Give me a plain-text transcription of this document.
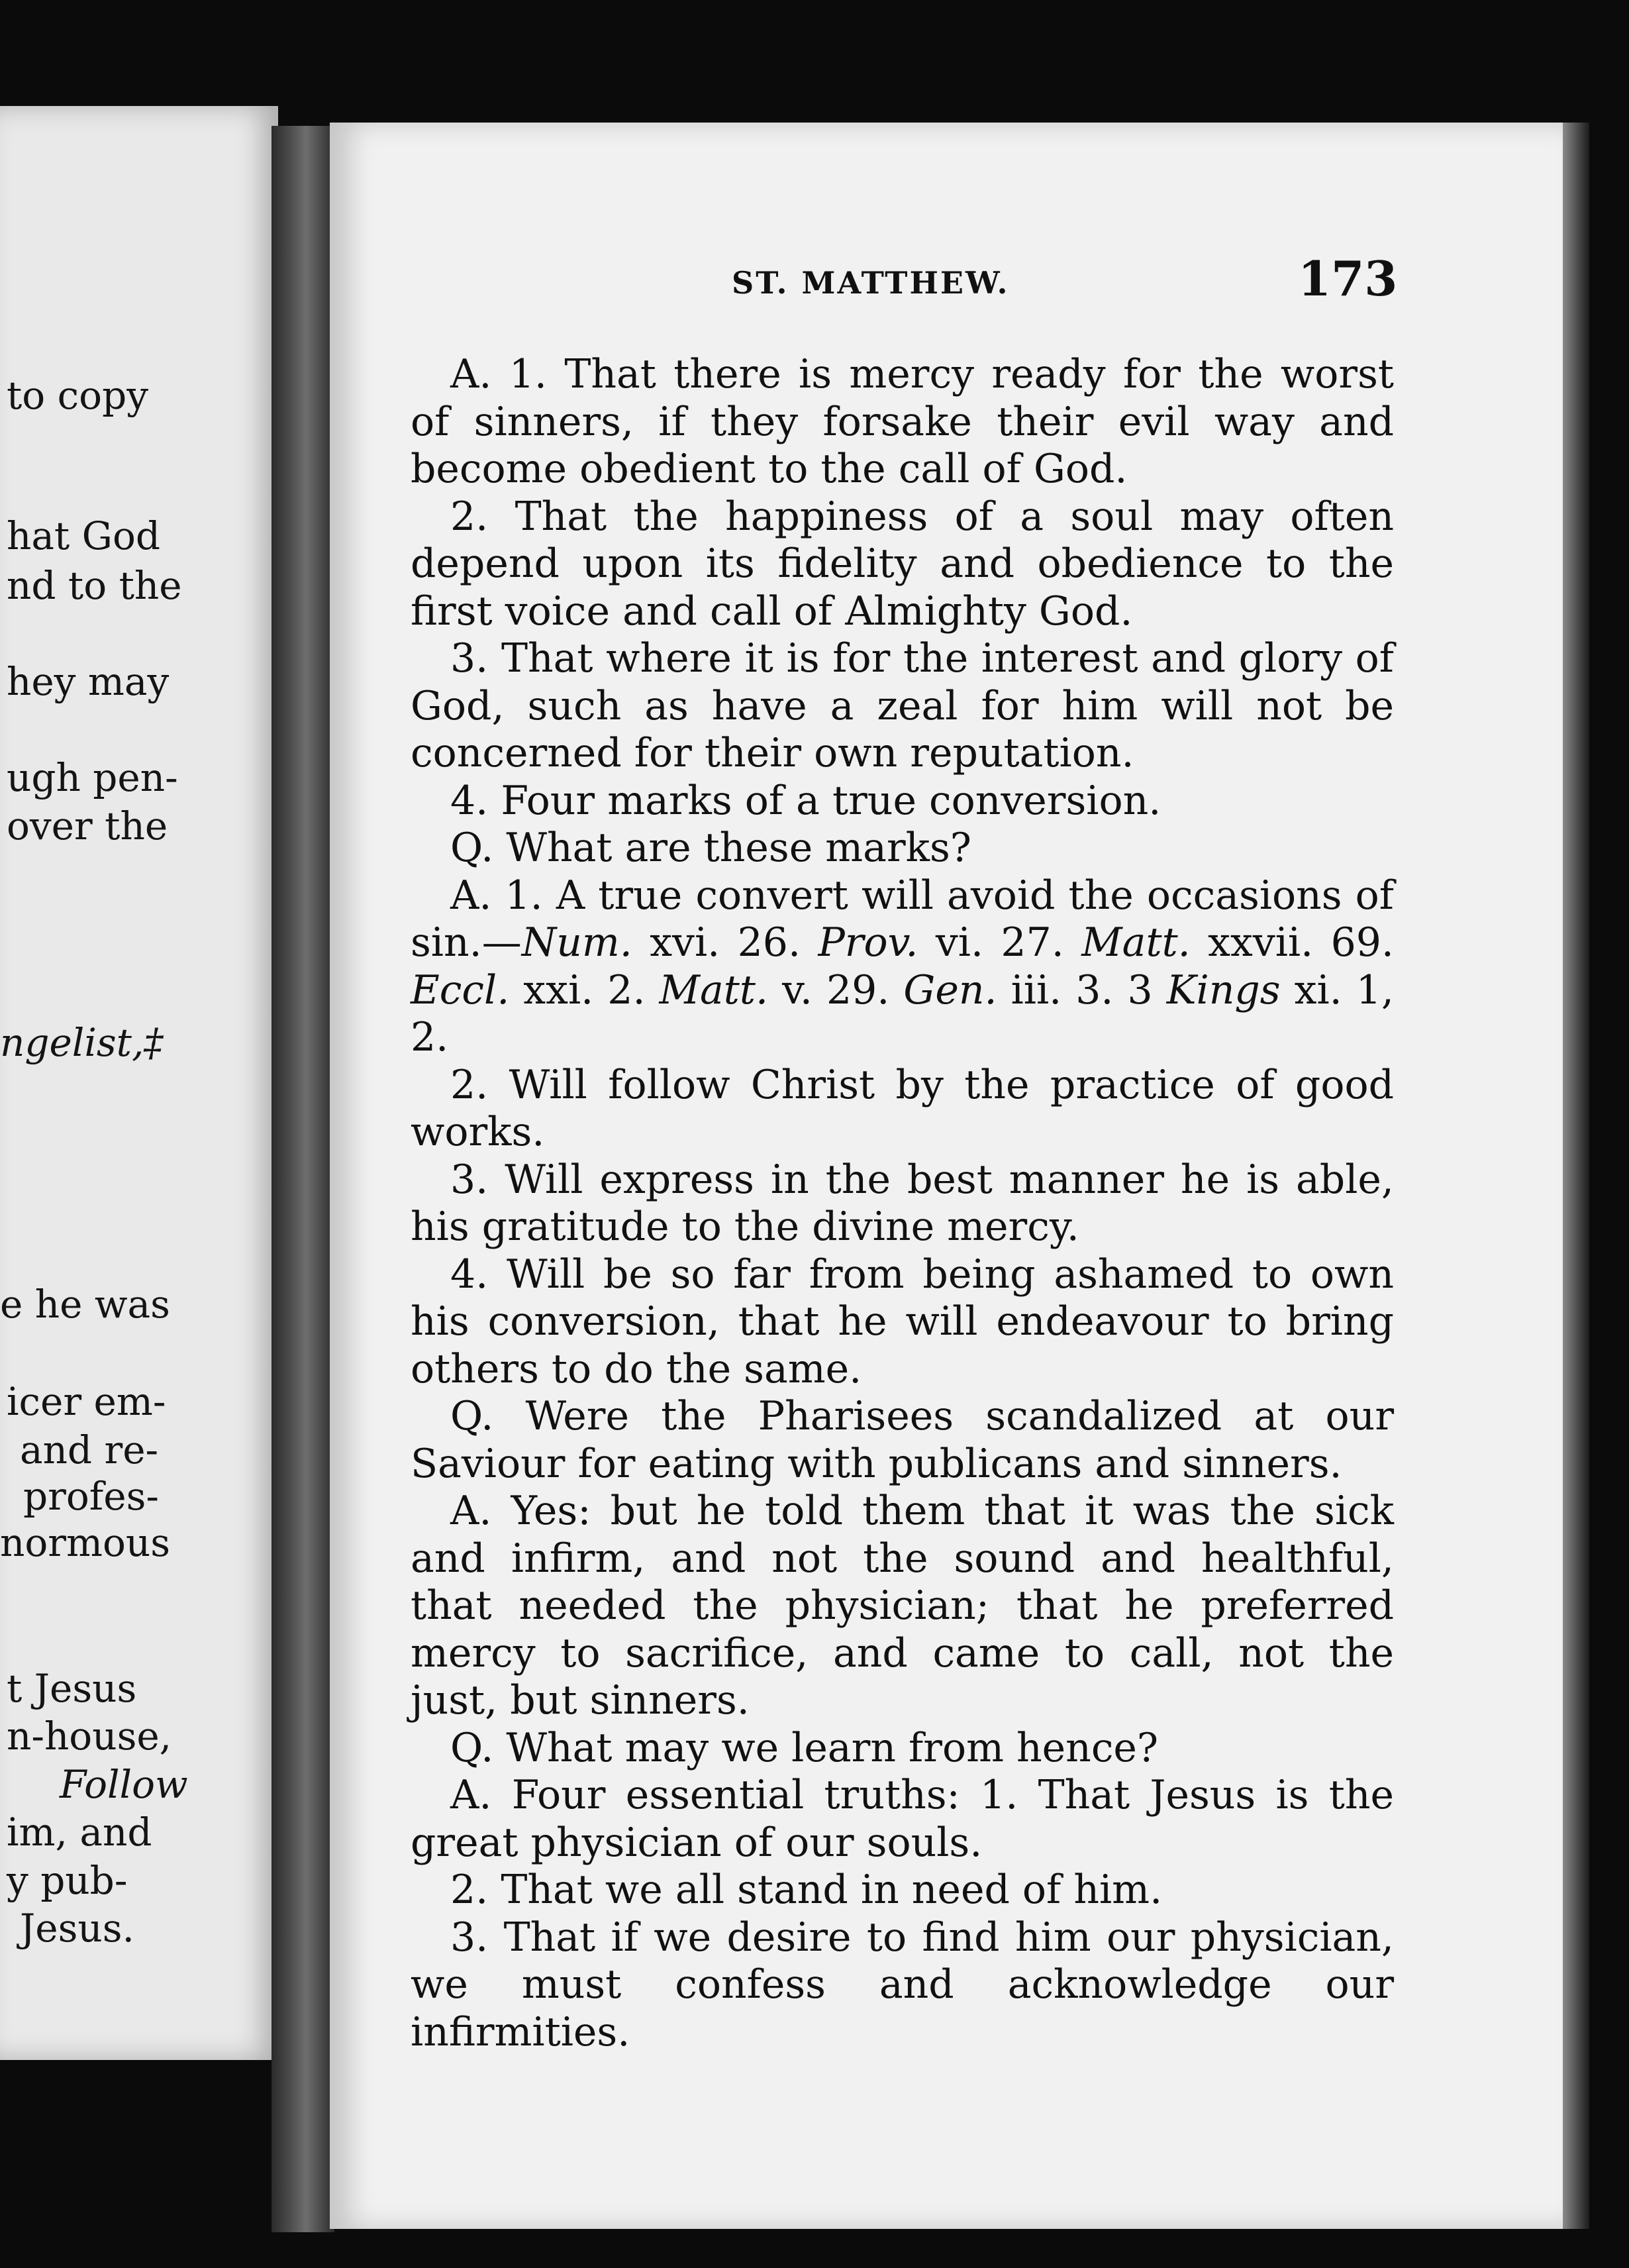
to copy
hat God
nd to the
hey may
ugh pen-
over the
ngelist,‡
e he was
icer em-
and re-
profes-
normous
t Jesus
n-house,
Follow
im, and
y pub-
Jesus.
ST. MATTHEW.	173

A. 1. That there is mercy ready for the worst of sinners, if they forsake their evil way and become obedient to the call of God.

2. That the happiness of a soul may often depend upon its fidelity and obedience to the first voice and call of Almighty God.

3. That where it is for the interest and glory of God, such as have a zeal for him will not be concerned for their own reputation.

4. Four marks of a true conversion.

Q. What are these marks?

A. 1. A true convert will avoid the occasions of sin.—Num. xvi. 26. Prov. vi. 27. Matt. xxvii. 69. Eccl. xxi. 2. Matt. v. 29. Gen. iii. 3. 3 Kings xi. 1, 2.

2. Will follow Christ by the practice of good works.

3. Will express in the best manner he is able, his gratitude to the divine mercy.

4. Will be so far from being ashamed to own his conversion, that he will endeavour to bring others to do the same.

Q. Were the Pharisees scandalized at our Saviour for eating with publicans and sinners.

A. Yes: but he told them that it was the sick and infirm, and not the sound and healthful, that needed the physician; that he preferred mercy to sacrifice, and came to call, not the just, but sinners.

Q. What may we learn from hence?

A. Four essential truths: 1. That Jesus is the great physician of our souls.

2. That we all stand in need of him.

3. That if we desire to find him our physician, we must confess and acknowledge our infirmities.
